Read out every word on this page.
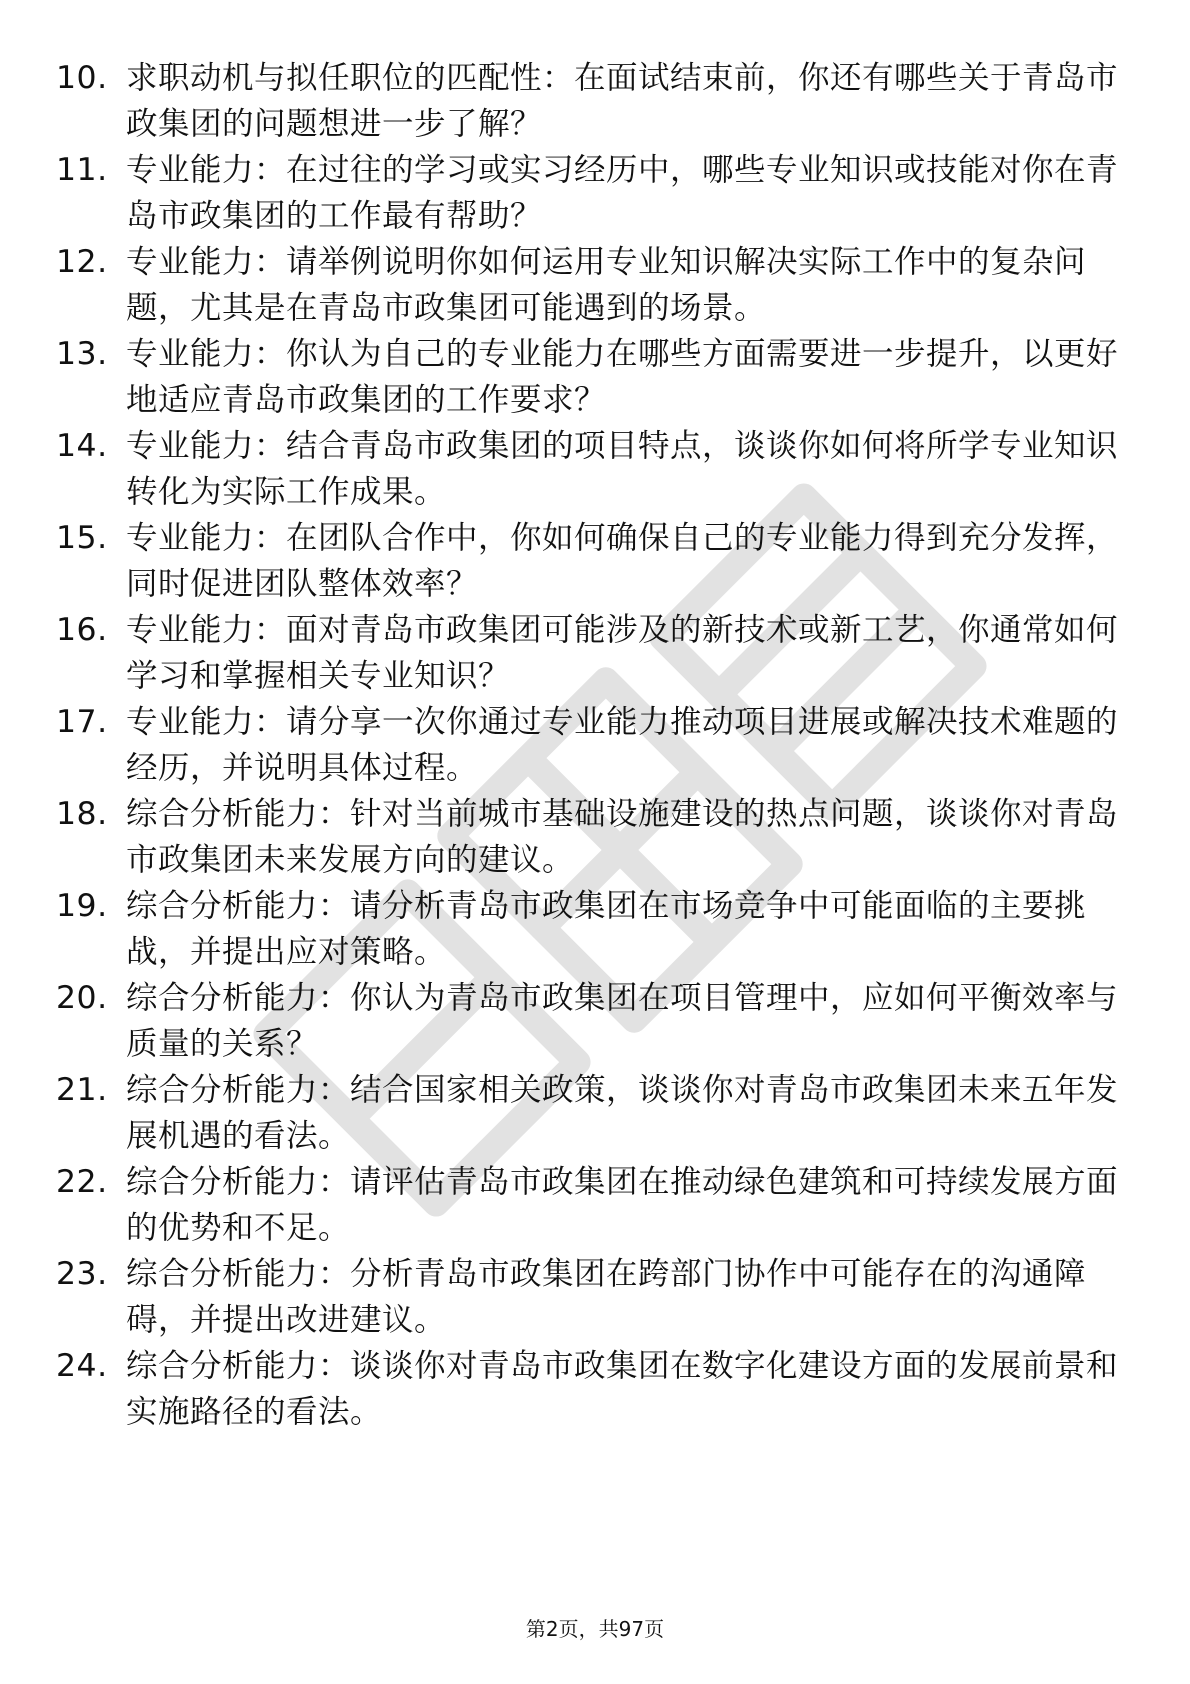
10. 求职动机与拟任职位的匹配性：在面试结束前，你还有哪些关于青岛市政集团的问题想进一步了解？
11. 专业能力：在过往的学习或实习经历中，哪些专业知识或技能对你在青岛市政集团的工作最有帮助？
12. 专业能力：请举例说明你如何运用专业知识解决实际工作中的复杂问题，尤其是在青岛市政集团可能遇到的场景。
13. 专业能力：你认为自己的专业能力在哪些方面需要进一步提升，以更好地适应青岛市政集团的工作要求？
14. 专业能力：结合青岛市政集团的项目特点，谈谈你如何将所学专业知识转化为实际工作成果。
15. 专业能力：在团队合作中，你如何确保自己的专业能力得到充分发挥，同时促进团队整体效率？
16. 专业能力：面对青岛市政集团可能涉及的新技术或新工艺，你通常如何学习和掌握相关专业知识？
17. 专业能力：请分享一次你通过专业能力推动项目进展或解决技术难题的经历，并说明具体过程。
18. 综合分析能力：针对当前城市基础设施建设的热点问题，谈谈你对青岛市政集团未来发展方向的建议。
19. 综合分析能力：请分析青岛市政集团在市场竞争中可能面临的主要挑战，并提出应对策略。
20. 综合分析能力：你认为青岛市政集团在项目管理中，应如何平衡效率与质量的关系？
21. 综合分析能力：结合国家相关政策，谈谈你对青岛市政集团未来五年发展机遇的看法。
22. 综合分析能力：请评估青岛市政集团在推动绿色建筑和可持续发展方面的优势和不足。
23. 综合分析能力：分析青岛市政集团在跨部门协作中可能存在的沟通障碍，并提出改进建议。
24. 综合分析能力：谈谈你对青岛市政集团在数字化建设方面的发展前景和实施路径的看法。
第2页，共97页
